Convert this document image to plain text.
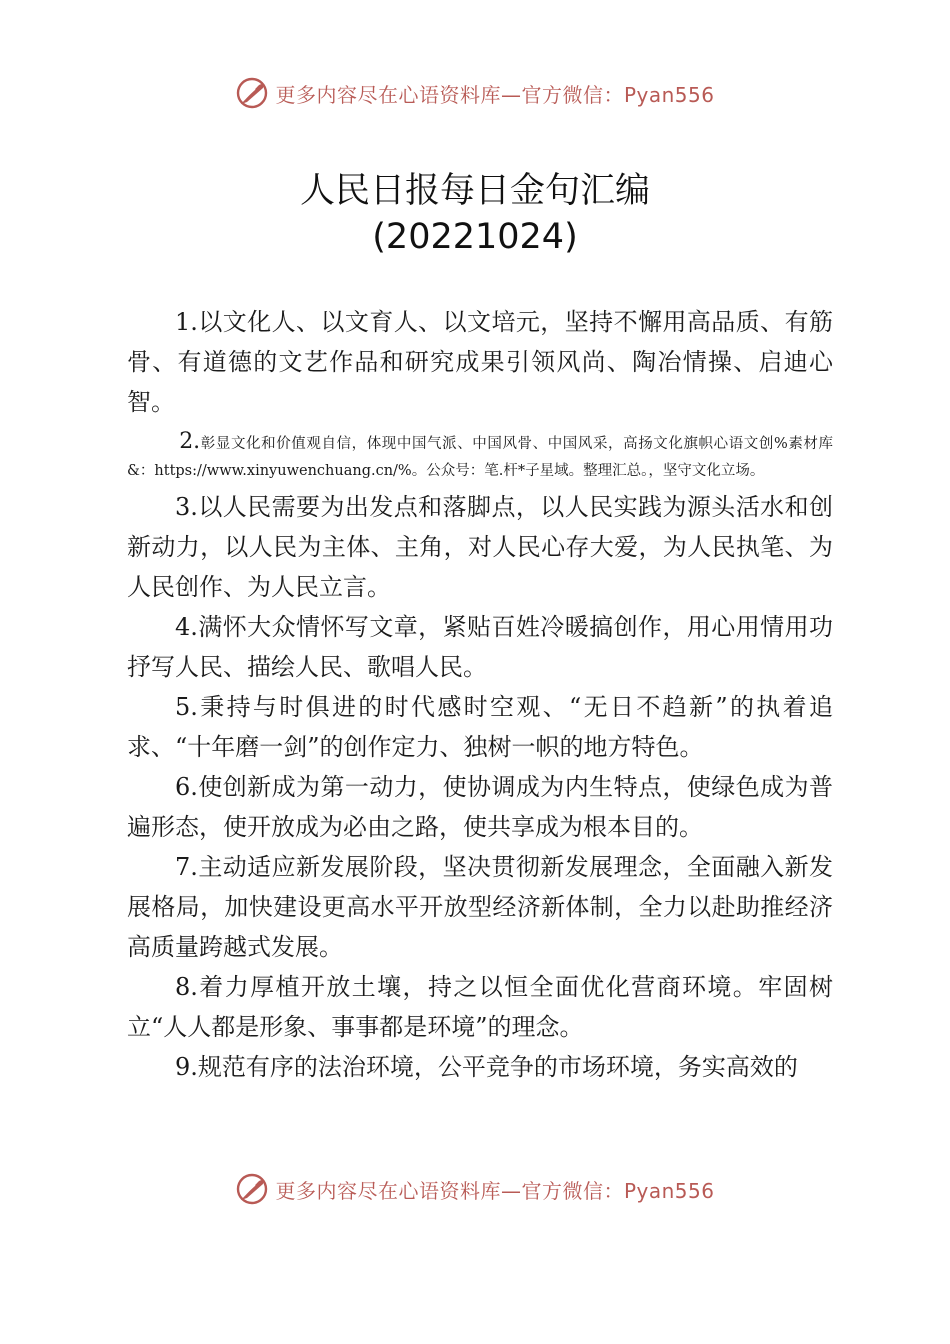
更多内容尽在心语资料库—官方微信：Pyan556
人民日报每日金句汇编
(20221024)

1.以文化人、以文育人、以文培元，坚持不懈用高品质、有筋骨、有道德的文艺作品和研究成果引领风尚、陶冶情操、启迪心智。

2.彰显文化和价值观自信，体现中国气派、中国风骨、中国风采，高扬文化旗帜心语文创%素材库&：https://www.xinyuwenchuang.cn/%。公众号：笔.杆*子星域。整理汇总。，坚守文化立场。

3.以人民需要为出发点和落脚点，以人民实践为源头活水和创新动力，以人民为主体、主角，对人民心存大爱，为人民执笔、为人民创作、为人民立言。

4.满怀大众情怀写文章，紧贴百姓冷暖搞创作，用心用情用功抒写人民、描绘人民、歌唱人民。

5.秉持与时俱进的时代感时空观、“无日不趋新”的执着追求、“十年磨一剑”的创作定力、独树一帜的地方特色。

6.使创新成为第一动力，使协调成为内生特点，使绿色成为普遍形态，使开放成为必由之路，使共享成为根本目的。

7.主动适应新发展阶段，坚决贯彻新发展理念，全面融入新发展格局，加快建设更高水平开放型经济新体制，全力以赴助推经济高质量跨越式发展。

8.着力厚植开放土壤，持之以恒全面优化营商环境。牢固树立“人人都是形象、事事都是环境”的理念。

9.规范有序的法治环境，公平竞争的市场环境，务实高效的

更多内容尽在心语资料库—官方微信：Pyan556
